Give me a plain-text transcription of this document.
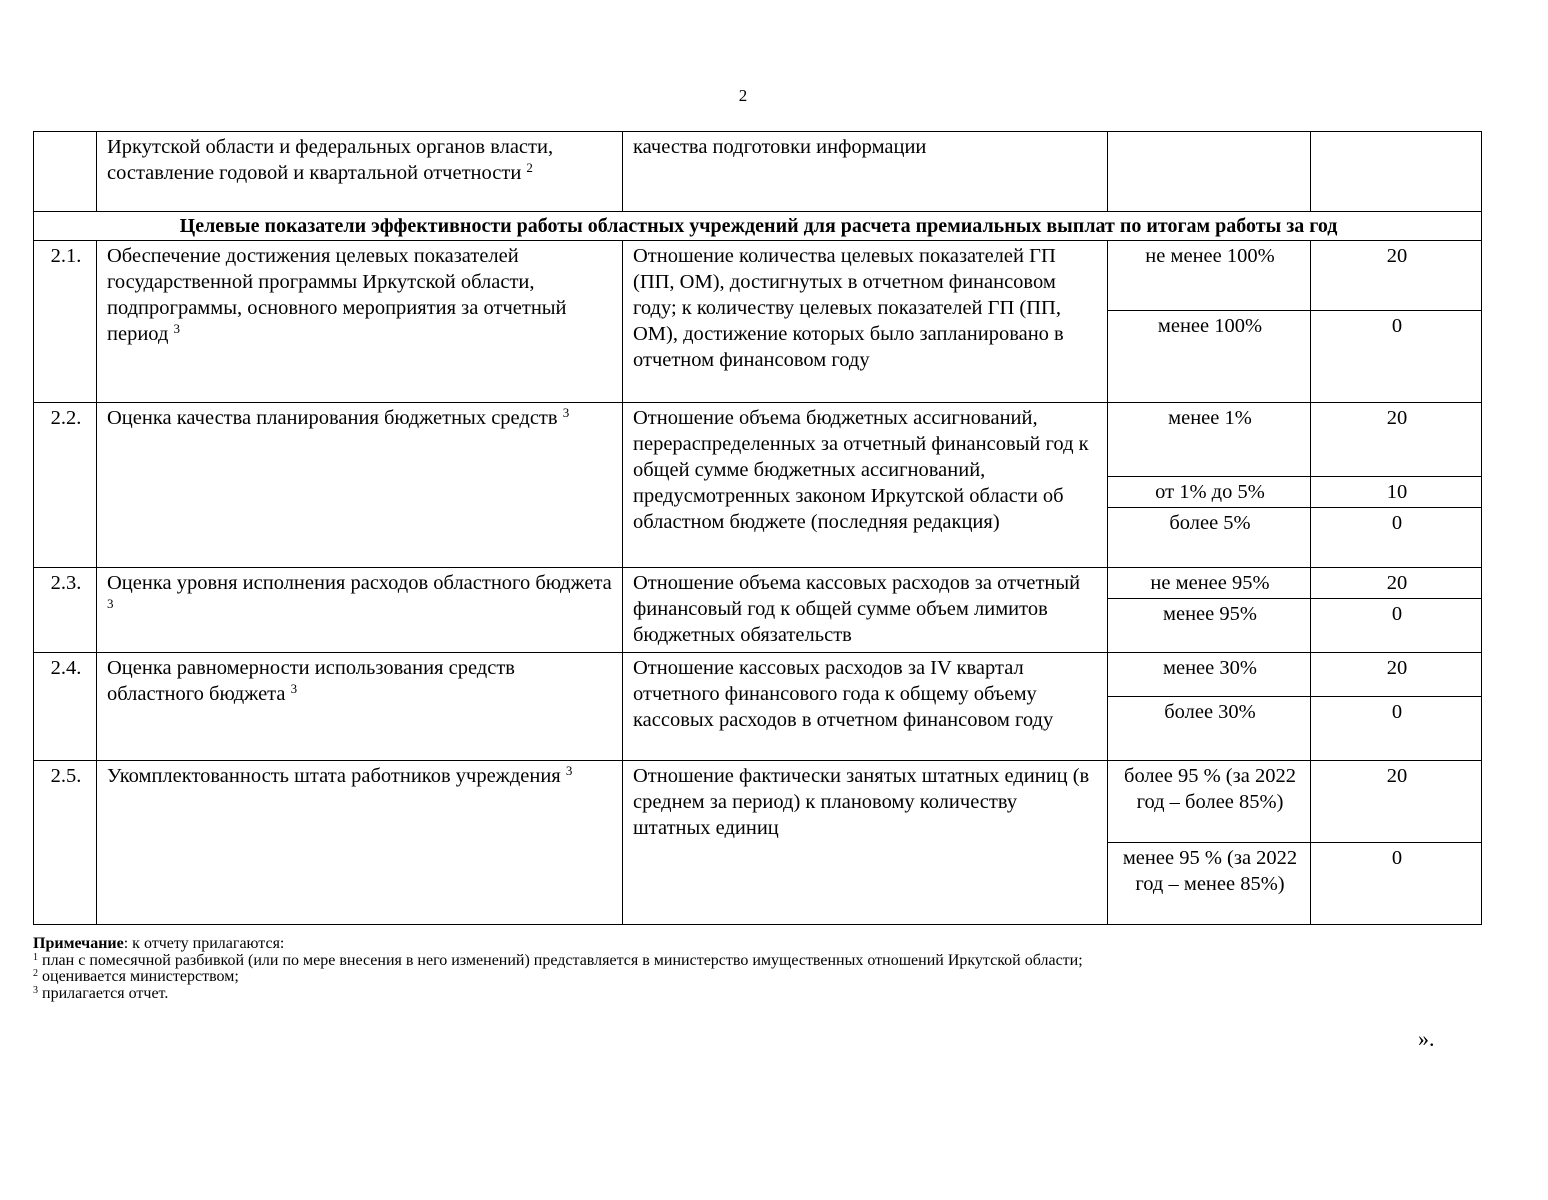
2
	Иркутской области и федеральных органов власти, составление годовой и квартальной отчетности $^2$	качества подготовки информации		
Целевые показатели эффективности работы областных учреждений для расчета премиальных выплат по итогам работы за год				
2.1.	Обеспечение достижения целевых показателей государственной программы Иркутской области, подпрограммы, основного мероприятия за отчетный период $^3$	Отношение количества целевых показателей ГП (ПП, ОМ), достигнутых в отчетном финансовом году; к количеству целевых показателей ГП (ПП, ОМ), достижение которых было запланировано в отчетном финансовом году	не менее 100%	20
			менее 100%	0
2.2.	Оценка качества планирования бюджетных средств $^3$	Отношение объема бюджетных ассигнований, перераспределенных за отчетный финансовый год к общей сумме бюджетных ассигнований, предусмотренных законом Иркутской области об областном бюджете (последняя редакция)	менее 1%	20
			от 1% до 5%	10
			более 5%	0
2.3.	Оценка уровня исполнения расходов областного бюджета $^3$	Отношение объема кассовых расходов за отчетный финансовый год к общей сумме объем лимитов бюджетных обязательств	не менее 95%	20
			менее 95%	0
2.4.	Оценка равномерности использования средств областного бюджета $^3$	Отношение кассовых расходов за IV квартал отчетного финансового года к общему объему кассовых расходов в отчетном финансовом году	менее 30%	20
			более 30%	0
2.5.	Укомплектованность штата работников учреждения $^3$	Отношение фактически занятых штатных единиц (в среднем за период) к плановому количеству штатных единиц	более 95 % (за 2022 год – более 85%)	20
			менее 95 % (за 2022 год – менее 85%)	0
Примечание: к отчету прилагаются:
$^1$ план с помесячной разбивкой (или по мере внесения в него изменений) представляется в министерство имущественных отношений Иркутской области;
$^2$ оценивается министерством;
$^3$ прилагается отчет.
».
